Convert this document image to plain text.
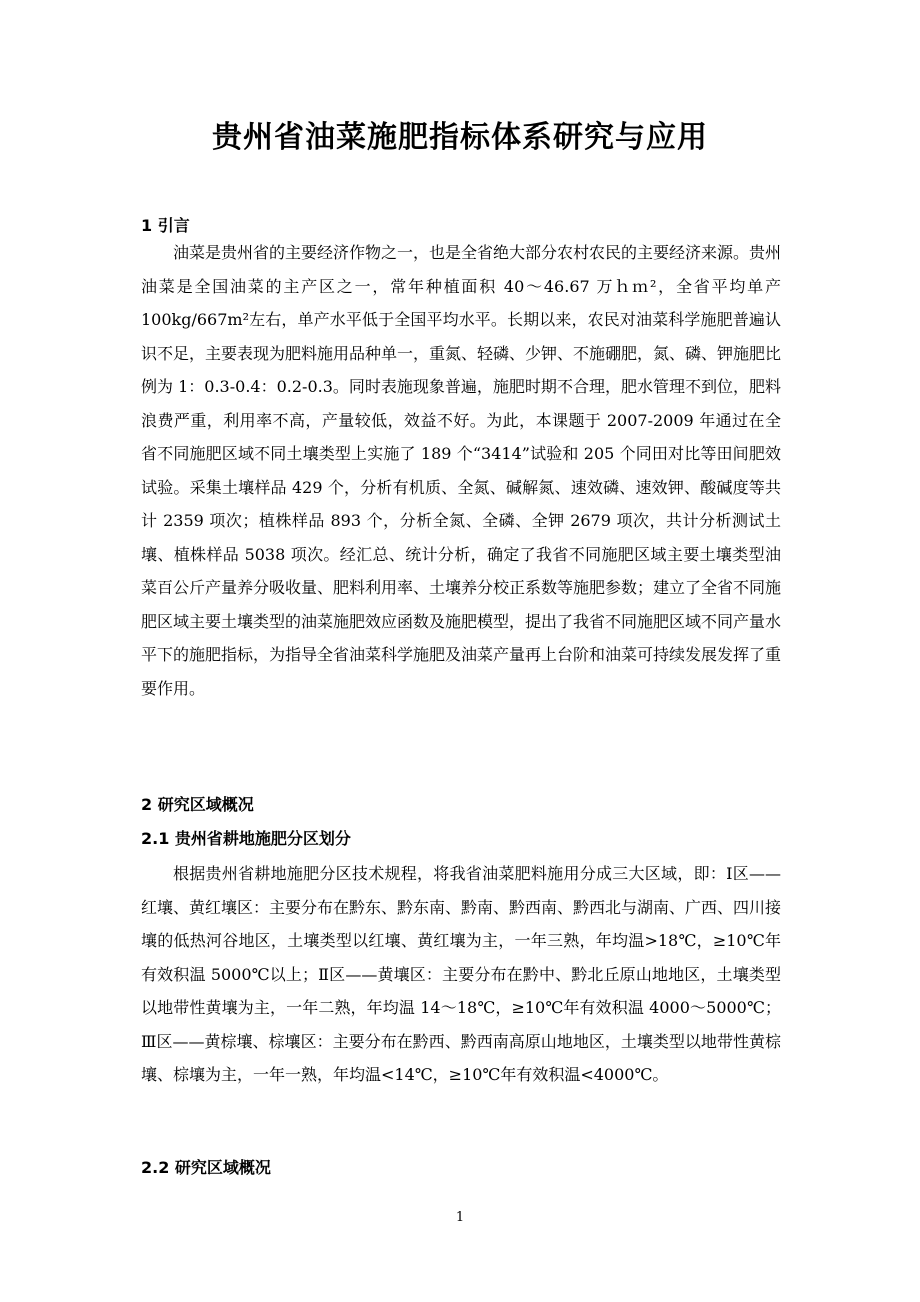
贵州省油菜施肥指标体系研究与应用
1 引言

油菜是贵州省的主要经济作物之一，也是全省绝大部分农村农民的主要经济来源。贵州油菜是全国油菜的主产区之一，常年种植面积 40～46.67 万ｈｍ²，全省平均单产 100kg/667m²左右，单产水平低于全国平均水平。长期以来，农民对油菜科学施肥普遍认识不足，主要表现为肥料施用品种单一，重氮、轻磷、少钾、不施硼肥，氮、磷、钾施肥比例为 1：0.3-0.4：0.2-0.3。同时表施现象普遍，施肥时期不合理，肥水管理不到位，肥料浪费严重，利用率不高，产量较低，效益不好。为此，本课题于 2007-2009 年通过在全省不同施肥区域不同土壤类型上实施了 189 个“3414”试验和 205 个同田对比等田间肥效试验。采集土壤样品 429 个，分析有机质、全氮、碱解氮、速效磷、速效钾、酸碱度等共计 2359 项次；植株样品 893 个，分析全氮、全磷、全钾 2679 项次，共计分析测试土壤、植株样品 5038 项次。经汇总、统计分析，确定了我省不同施肥区域主要土壤类型油菜百公斤产量养分吸收量、肥料利用率、土壤养分校正系数等施肥参数；建立了全省不同施肥区域主要土壤类型的油菜施肥效应函数及施肥模型，提出了我省不同施肥区域不同产量水平下的施肥指标，为指导全省油菜科学施肥及油菜产量再上台阶和油菜可持续发展发挥了重要作用。

2 研究区域概况
2.1 贵州省耕地施肥分区划分

根据贵州省耕地施肥分区技术规程，将我省油菜肥料施用分成三大区域，即：Ⅰ区——红壤、黄红壤区：主要分布在黔东、黔东南、黔南、黔西南、黔西北与湖南、广西、四川接壤的低热河谷地区，土壤类型以红壤、黄红壤为主，一年三熟，年均温>18℃，≥10℃年有效积温 5000℃以上；Ⅱ区——黄壤区：主要分布在黔中、黔北丘原山地地区，土壤类型以地带性黄壤为主，一年二熟，年均温 14～18℃，≥10℃年有效积温 4000～5000℃；Ⅲ区——黄棕壤、棕壤区：主要分布在黔西、黔西南高原山地地区，土壤类型以地带性黄棕壤、棕壤为主，一年一熟，年均温<14℃，≥10℃年有效积温<4000℃。

2.2 研究区域概况
1
